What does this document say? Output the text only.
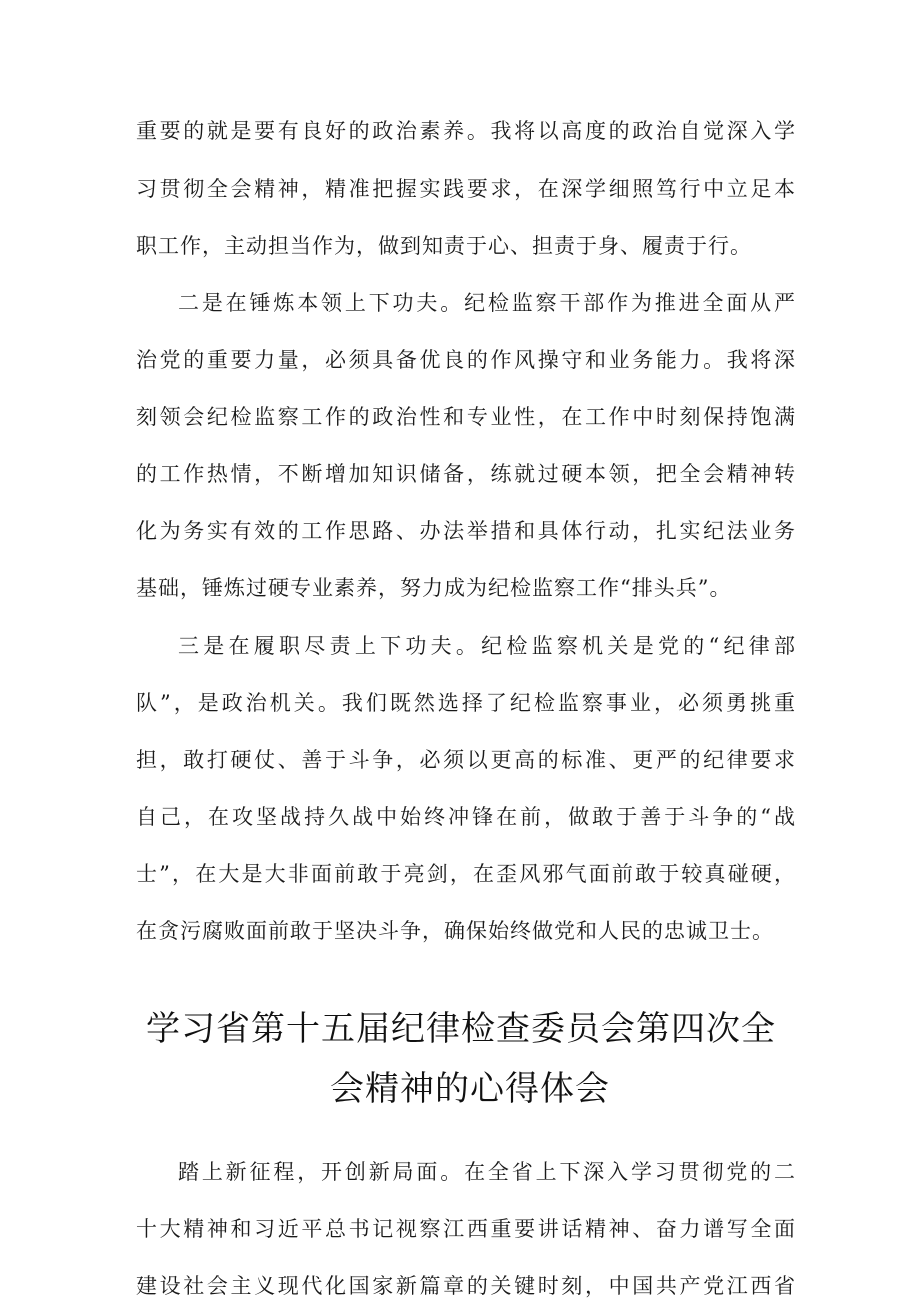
重要的就是要有良好的政治素养。我将以高度的政治自觉深入学
习贯彻全会精神，精准把握实践要求，在深学细照笃行中立足本
职工作，主动担当作为，做到知责于心、担责于身、履责于行。
二是在锤炼本领上下功夫。纪检监察干部作为推进全面从严
治党的重要力量，必须具备优良的作风操守和业务能力。我将深
刻领会纪检监察工作的政治性和专业性，在工作中时刻保持饱满
的工作热情，不断增加知识储备，练就过硬本领，把全会精神转
化为务实有效的工作思路、办法举措和具体行动，扎实纪法业务
基础，锤炼过硬专业素养，努力成为纪检监察工作“排头兵”。
三是在履职尽责上下功夫。纪检监察机关是党的“纪律部
队”，是政治机关。我们既然选择了纪检监察事业，必须勇挑重
担，敢打硬仗、善于斗争，必须以更高的标准、更严的纪律要求
自己，在攻坚战持久战中始终冲锋在前，做敢于善于斗争的“战
士”，在大是大非面前敢于亮剑，在歪风邪气面前敢于较真碰硬，
在贪污腐败面前敢于坚决斗争，确保始终做党和人民的忠诚卫士。
学习省第十五届纪律检查委员会第四次全
会精神的心得体会
踏上新征程，开创新局面。在全省上下深入学习贯彻党的二
十大精神和习近平总书记视察江西重要讲话精神、奋力谱写全面
建设社会主义现代化国家新篇章的关键时刻，中国共产党江西省
